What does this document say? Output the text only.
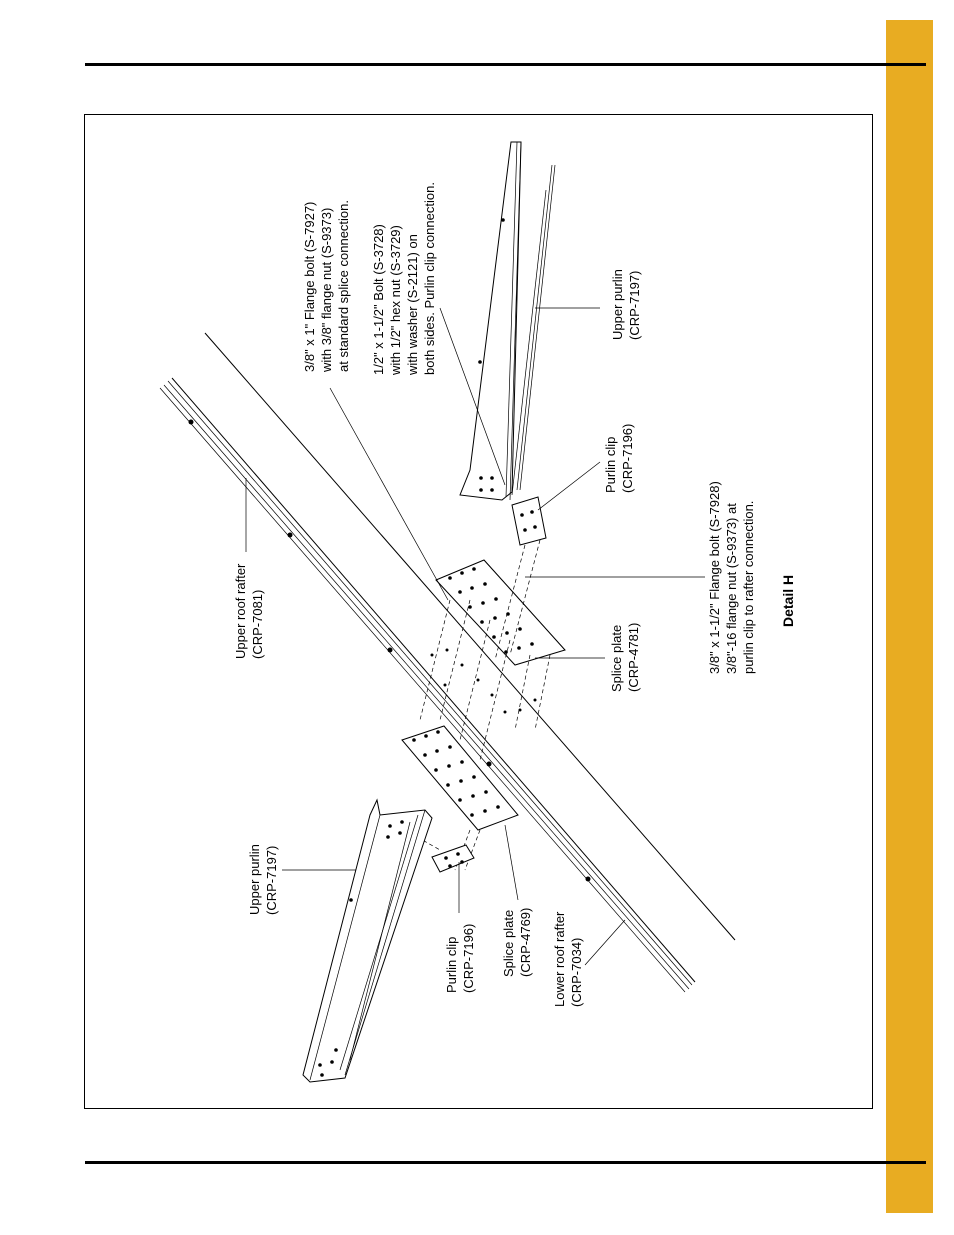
3/8" x 1" Flange bolt (S-7927) with 3/8" flange nut (S-9373) at standard splice connection. 1/2" x 1-1/2" Bolt (S-3728) with 1/2" hex nut (S-3729) with washer (S-2121) on both sides. Purlin clip connection.	Upper purlin (CRP-7197)
Purlin clip (CRP-7196)
3/8" x 1-1/2" Flange bolt (S-7928) 3/8"-16 flange nut (S-9373) at purlin clip to rafter connection. Detail H
Splice plate (CRP-4781)
Upper roof rafter (CRP-7081)
Upper purlin (CRP-7197)
Purlin clip (CRP-7196) Splice plate (CRP-4769) Lower roof rafter (CRP-7034)
